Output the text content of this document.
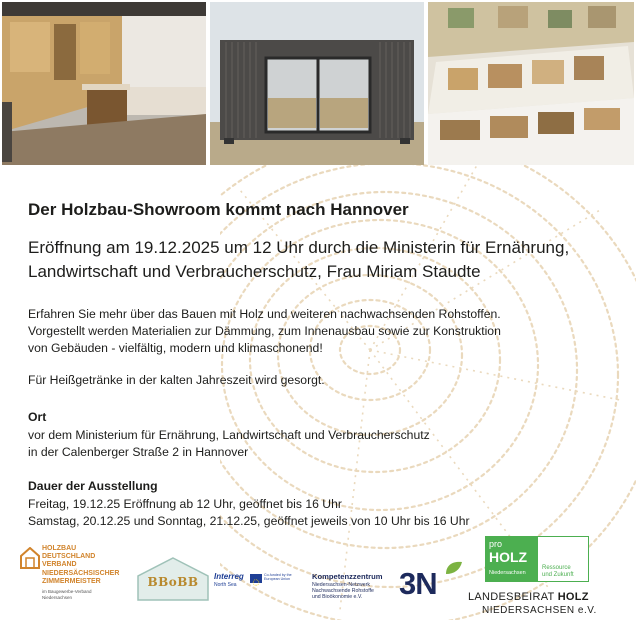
Der Holzbau-Showroom kommt nach Hannover
Eröffnung am 19.12.2025 um 12 Uhr durch die Ministerin für Ernährung,
Landwirtschaft und Verbraucherschutz, Frau Miriam Staudte
Erfahren Sie mehr über das Bauen mit Holz und weiteren nachwachsenden Rohstoffen.
Vorgestellt werden Materialien zur Dämmung, zum Innenausbau sowie zur Konstruktion
von Gebäuden - vielfältig, modern und klimaschonend!
Für Heißgetränke in der kalten Jahreszeit wird gesorgt.
Ort
vor dem Ministerium für Ernährung, Landwirtschaft und Verbraucherschutz
in der Calenberger Straße 2 in Hannover
Dauer der Ausstellung
Freitag, 19.12.25 Eröffnung ab 12 Uhr, geöffnet bis 16 Uhr
Samstag, 20.12.25 und Sonntag, 21.12.25, geöffnet jeweils von 10 Uhr bis 16 Uhr
HOLZBAU
DEUTSCHLAND
VERBAND
NIEDERSÄCHSISCHER
ZIMMERMEISTER
im Baugewerbe-Verband
Niedersachsen
BBoBB	Interreg
North Sea
Co-funded by the European Union	Kompetenzzentrum
Niedersachsen-Netzwerk
Nachwachsende Rohstoffe
und Bioökonomie e.V.	3N
pro
HOLZ
Niedersachsen
Ressource
und Zukunft
LANDESBEIRAT HOLZ
NIEDERSACHSEN e.V.
